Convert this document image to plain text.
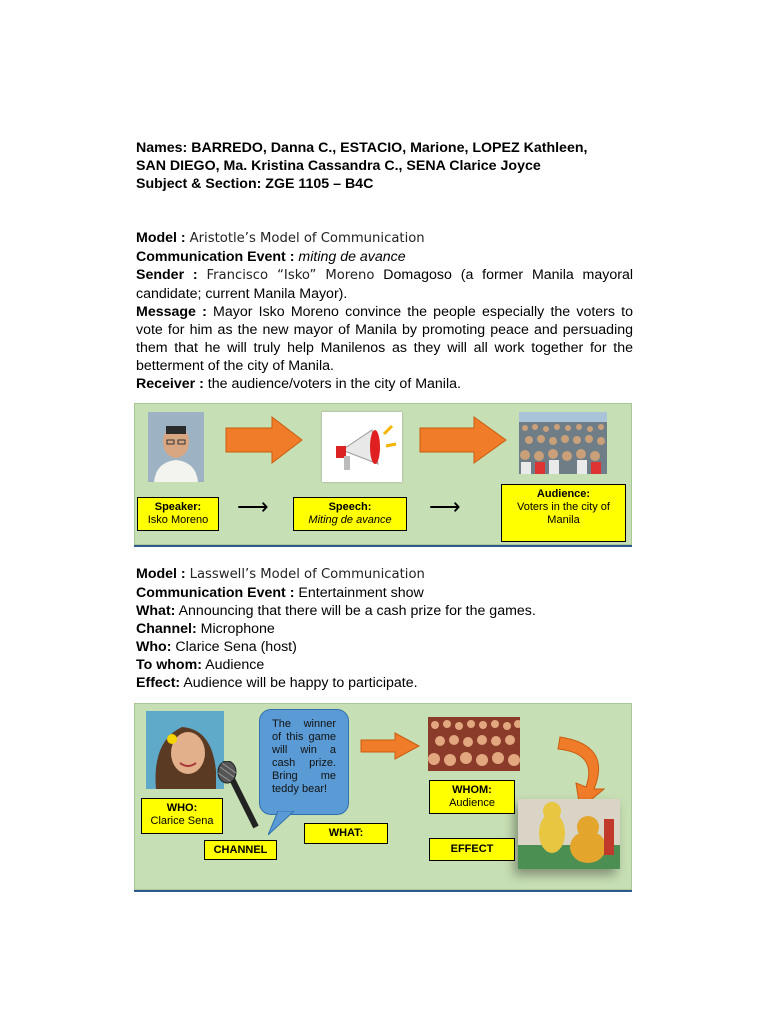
Names: BARREDO, Danna C., ESTACIO, Marione, LOPEZ Kathleen,
SAN DIEGO, Ma. Kristina Cassandra C., SENA Clarice Joyce
Subject & Section: ZGE 1105 – B4C

Model : Aristotle’s Model of Communication

Communication Event : miting de avance

Sender : Francisco “Isko” Moreno Domagoso (a former Manila mayoral candidate; current Manila Mayor).

Message : Mayor Isko Moreno convince the people especially the voters to vote for him as the new mayor of Manila by promoting peace and persuading them that he will truly help Manilenos as they will all work together for the betterment of the city of Manila.

Receiver : the audience/voters in the city of Manila.

Speaker:
Isko Moreno
⟶	Speech:
Miting de avance
⟶	Audience:
Voters in the city of Manila

Model : Lasswell’s Model of Communication

Communication Event : Entertainment show

What: Announcing that there will be a cash prize for the games.

Channel: Microphone

Who: Clarice Sena (host)

To whom: Audience

Effect: Audience will be happy to participate.

The winner of this game will win a cash prize. Bring me teddy bear!
WHO:
Clarice Sena
CHANNEL
WHAT:
WHOM:
Audience
EFFECT
